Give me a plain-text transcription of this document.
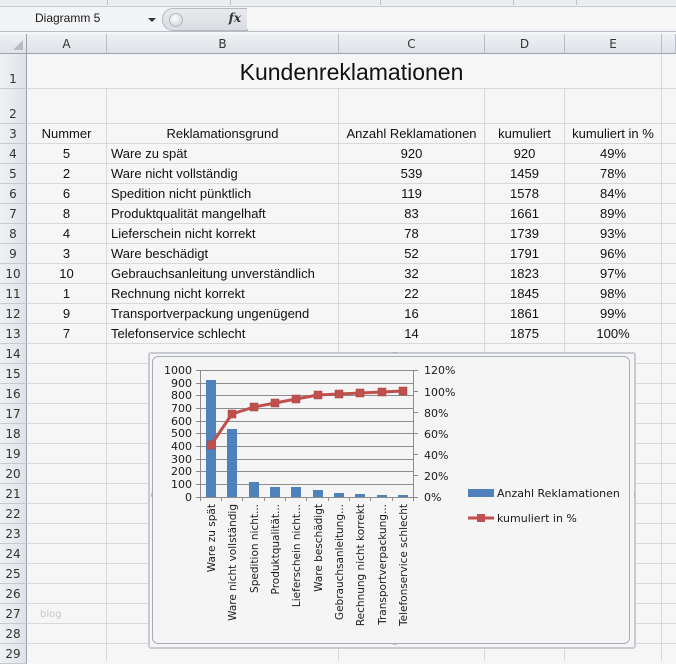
Diagramm 5	fx
A	B	C	D	E
1
2
3
4
5
6
7
8
9
10
11
12
13
14
15
16
17
18
19
20
21
22
23
24
25
26
27
28
29
Kundenreklamationen
Nummer	Reklamationsgrund	Anzahl Reklamationen	kumuliert	kumuliert in %
5	Ware zu spät	920	920	49%
2	Ware nicht vollständig	539	1459	78%
6	Spedition nicht pünktlich	119	1578	84%
8	Produktqualität mangelhaft	83	1661	89%
4	Lieferschein nicht korrekt	78	1739	93%
3	Ware beschädigt	52	1791	96%
10	Gebrauchsanleitung unverständlich	32	1823	97%
1	Rechnung nicht korrekt	22	1845	98%
9	Transportverpackung ungenügend	16	1861	99%
7	Telefonservice schlecht	14	1875	100%
blog
1000
900
800
700
600
500
400
300
200
100
0
120%
100%
80%
60%
40%
20%
0%
Ware zu spät Ware nicht vollständig Spedition nicht... Produktqualität... Lieferschein nicht... Ware beschädigt Gebrauchsanleitung... Rechnung nicht korrekt Transportverpackung... Telefonservice schlecht
Anzahl Reklamationen
kumuliert in %
····
····
····	····
